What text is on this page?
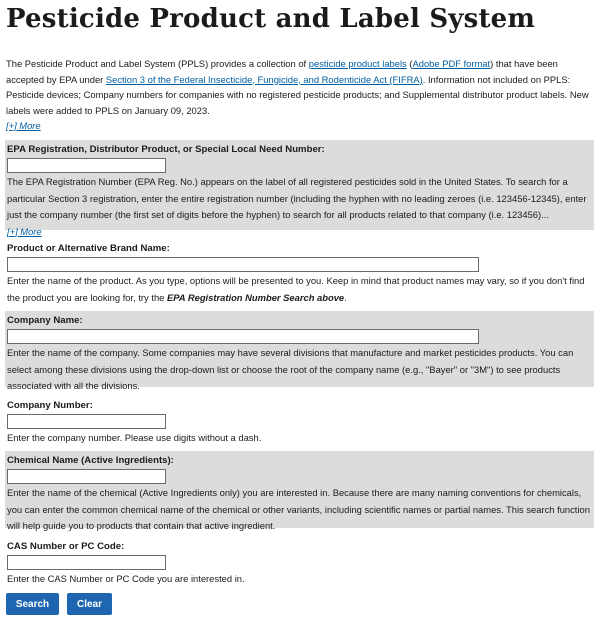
Pesticide Product and Label System
The Pesticide Product and Label System (PPLS) provides a collection of pesticide product labels (Adobe PDF format) that have been accepted by EPA under Section 3 of the Federal Insecticide, Fungicide, and Rodenticide Act (FIFRA). Information not included on PPLS: Pesticide devices; Company numbers for companies with no registered pesticide products; and Supplemental distributor product labels. New labels were added to PPLS on January 09, 2023.
[+] More
EPA Registration, Distributor Product, or Special Local Need Number:
The EPA Registration Number (EPA Reg. No.) appears on the label of all registered pesticides sold in the United States. To search for a particular Section 3 registration, enter the entire registration number (including the hyphen with no leading zeroes (i.e. 123456-12345), enter just the company number (the first set of digits before the hyphen) to search for all products related to that company (i.e. 123456)...
[+] More
Product or Alternative Brand Name:
Enter the name of the product. As you type, options will be presented to you. Keep in mind that product names may vary, so if you don't find the product you are looking for, try the EPA Registration Number Search above.
Company Name:
Enter the name of the company. Some companies may have several divisions that manufacture and market pesticides products. You can select among these divisions using the drop-down list or choose the root of the company name (e.g., "Bayer" or "3M") to see products associated with all the divisions.
Company Number:
Enter the company number. Please use digits without a dash.
Chemical Name (Active Ingredients):
Enter the name of the chemical (Active Ingredients only) you are interested in. Because there are many naming conventions for chemicals, you can enter the common chemical name of the chemical or other variants, including scientific names or partial names. This search function will help guide you to products that contain that active ingredient.
CAS Number or PC Code:
Enter the CAS Number or PC Code you are interested in.
Search	Clear
